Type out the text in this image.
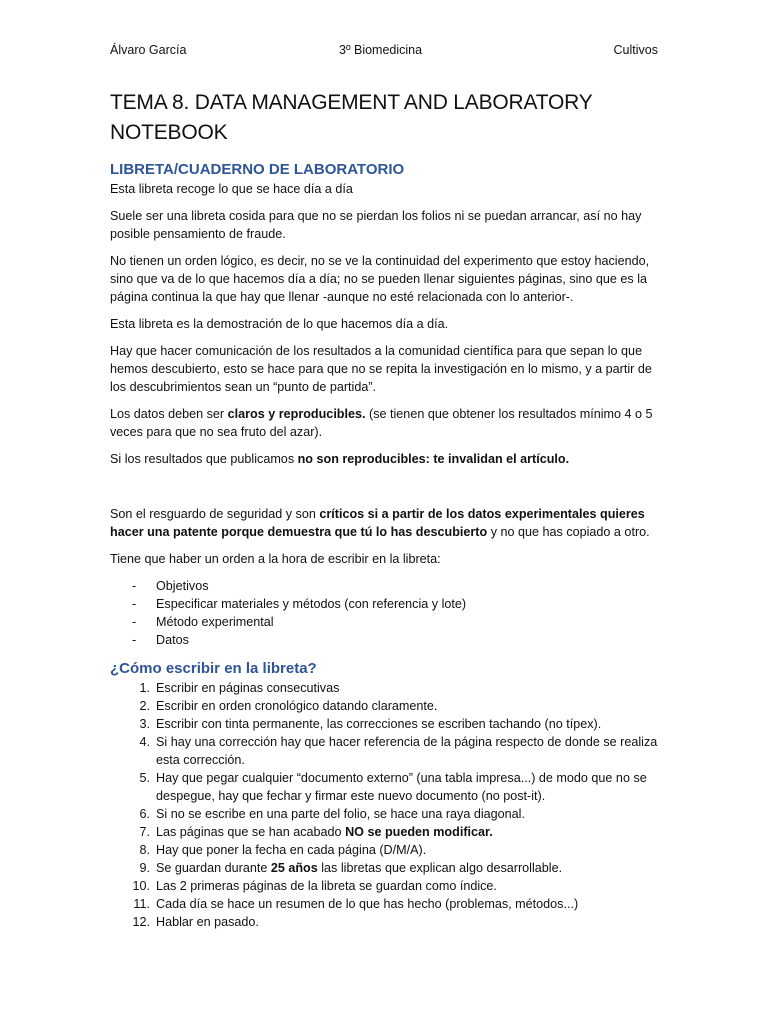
Álvaro García	3º Biomedicina	Cultivos
TEMA 8. DATA MANAGEMENT AND LABORATORY NOTEBOOK
LIBRETA/CUADERNO DE LABORATORIO

Esta libreta recoge lo que se hace día a día

Suele ser una libreta cosida para que no se pierdan los folios ni se puedan arrancar, así no hay posible pensamiento de fraude.

No tienen un orden lógico, es decir, no se ve la continuidad del experimento que estoy haciendo, sino que va de lo que hacemos día a día; no se pueden llenar siguientes páginas, sino que es la página continua la que hay que llenar -aunque no esté relacionada con lo anterior-.

Esta libreta es la demostración de lo que hacemos día a día.

Hay que hacer comunicación de los resultados a la comunidad científica para que sepan lo que hemos descubierto, esto se hace para que no se repita la investigación en lo mismo, y a partir de los descubrimientos sean un “punto de partida”.

Los datos deben ser claros y reproducibles. (se tienen que obtener los resultados mínimo 4 o 5 veces para que no sea fruto del azar).

Si los resultados que publicamos no son reproducibles: te invalidan el artículo.

Son el resguardo de seguridad y son críticos si a partir de los datos experimentales quieres hacer una patente porque demuestra que tú lo has descubierto y no que has copiado a otro.

Tiene que haber un orden a la hora de escribir en la libreta:

- Objetivos
- Especificar materiales y métodos (con referencia y lote)
- Método experimental
- Datos
¿Cómo escribir en la libreta?
1. Escribir en páginas consecutivas
2. Escribir en orden cronológico datando claramente.
3. Escribir con tinta permanente, las correcciones se escriben tachando (no típex).
4. Si hay una corrección hay que hacer referencia de la página respecto de donde se realiza esta corrección.
5. Hay que pegar cualquier “documento externo” (una tabla impresa...) de modo que no se despegue, hay que fechar y firmar este nuevo documento (no post-it).
6. Si no se escribe en una parte del folio, se hace una raya diagonal.
7. Las páginas que se han acabado NO se pueden modificar.
8. Hay que poner la fecha en cada página (D/M/A).
9. Se guardan durante 25 años las libretas que explican algo desarrollable.
10. Las 2 primeras páginas de la libreta se guardan como índice.
11. Cada día se hace un resumen de lo que has hecho (problemas, métodos...)
12. Hablar en pasado.
